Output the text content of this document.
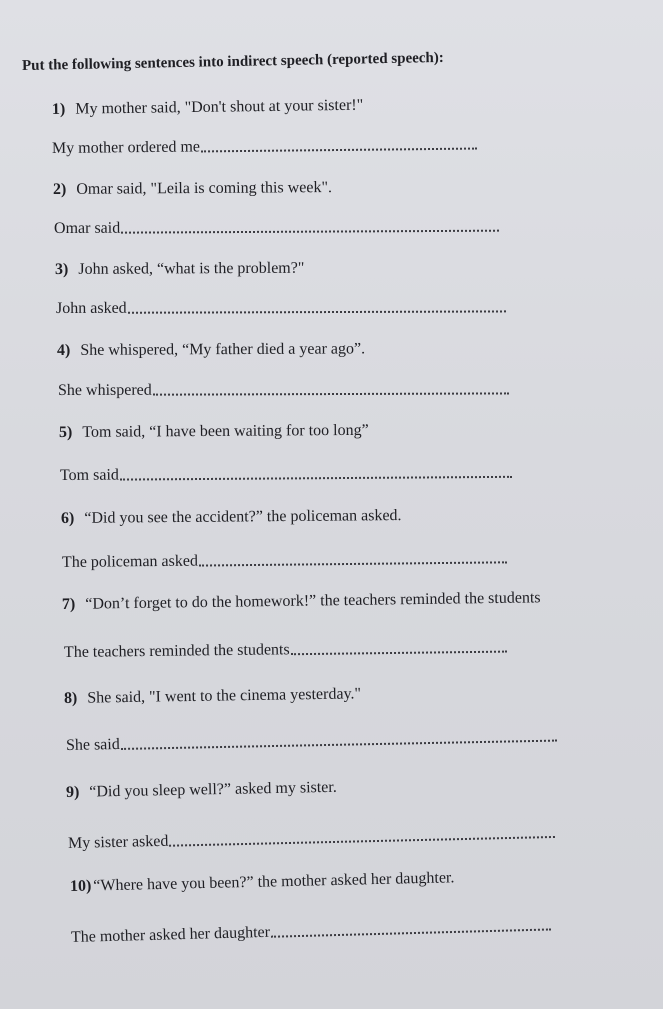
Put the following sentences into indirect speech (reported speech):
1) My mother said, "Don't shout at your sister!"
My mother ordered me
2) Omar said, "Leila is coming this week".
Omar said
3) John asked, “what is the problem?"
John asked
4) She whispered, “My father died a year ago”.
She whispered
5) Tom said, “I have been waiting for too long”
Tom said
6) “Did you see the accident?” the policeman asked.
The policeman asked
7) “Don’t forget to do the homework!” the teachers reminded the students
The teachers reminded the students
8) She said, "I went to the cinema yesterday."
She said
9) “Did you sleep well?” asked my sister.
My sister asked
10) “Where have you been?” the mother asked her daughter.
The mother asked her daughter
